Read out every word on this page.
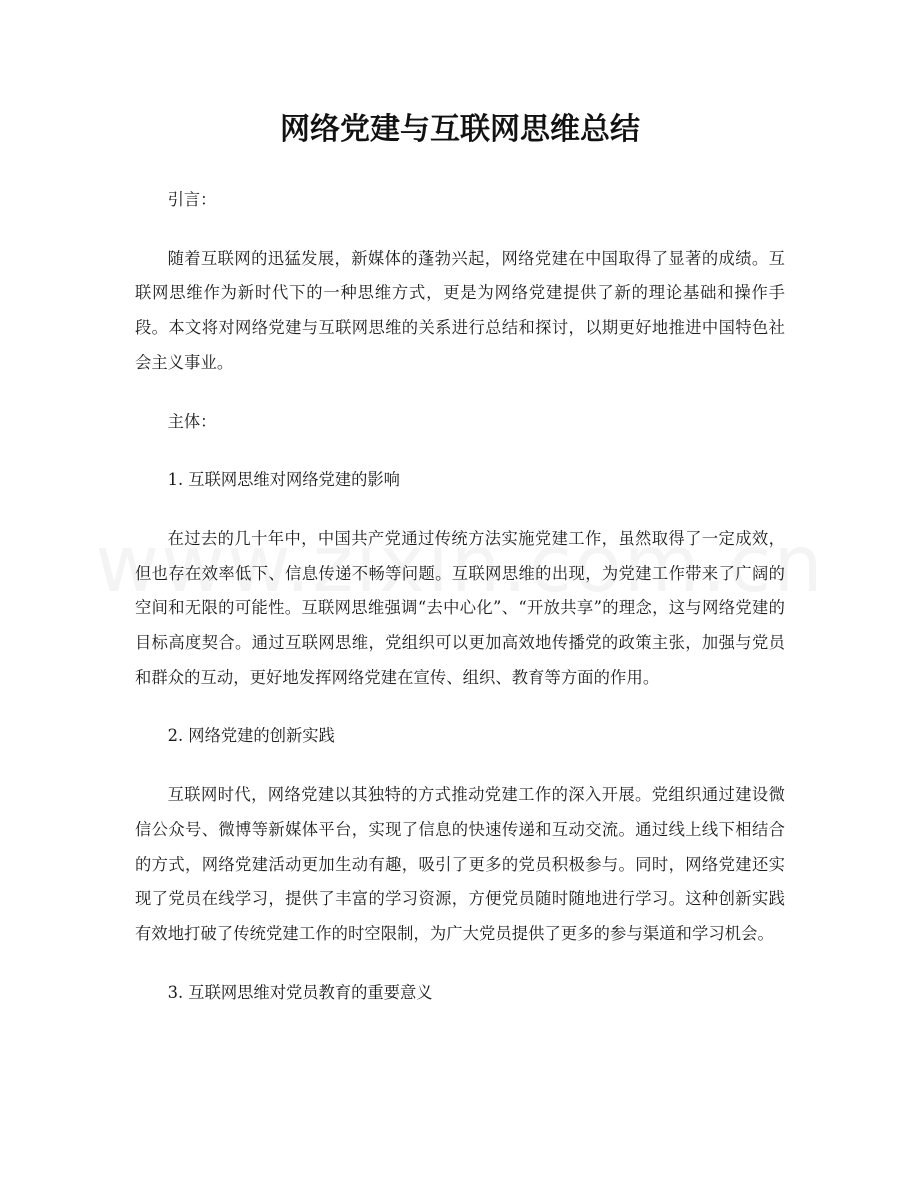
网络党建与互联网思维总结

引言：

随着互联网的迅猛发展，新媒体的蓬勃兴起，网络党建在中国取得了显著的成绩。互联网思维作为新时代下的一种思维方式，更是为网络党建提供了新的理论基础和操作手段。本文将对网络党建与互联网思维的关系进行总结和探讨，以期更好地推进中国特色社会主义事业。

主体：

1. 互联网思维对网络党建的影响

在过去的几十年中，中国共产党通过传统方法实施党建工作，虽然取得了一定成效，但也存在效率低下、信息传递不畅等问题。互联网思维的出现，为党建工作带来了广阔的空间和无限的可能性。互联网思维强调“去中心化”、“开放共享”的理念，这与网络党建的目标高度契合。通过互联网思维，党组织可以更加高效地传播党的政策主张，加强与党员和群众的互动，更好地发挥网络党建在宣传、组织、教育等方面的作用。

2. 网络党建的创新实践

互联网时代，网络党建以其独特的方式推动党建工作的深入开展。党组织通过建设微信公众号、微博等新媒体平台，实现了信息的快速传递和互动交流。通过线上线下相结合的方式，网络党建活动更加生动有趣，吸引了更多的党员积极参与。同时，网络党建还实现了党员在线学习，提供了丰富的学习资源，方便党员随时随地进行学习。这种创新实践有效地打破了传统党建工作的时空限制，为广大党员提供了更多的参与渠道和学习机会。

3. 互联网思维对党员教育的重要意义
